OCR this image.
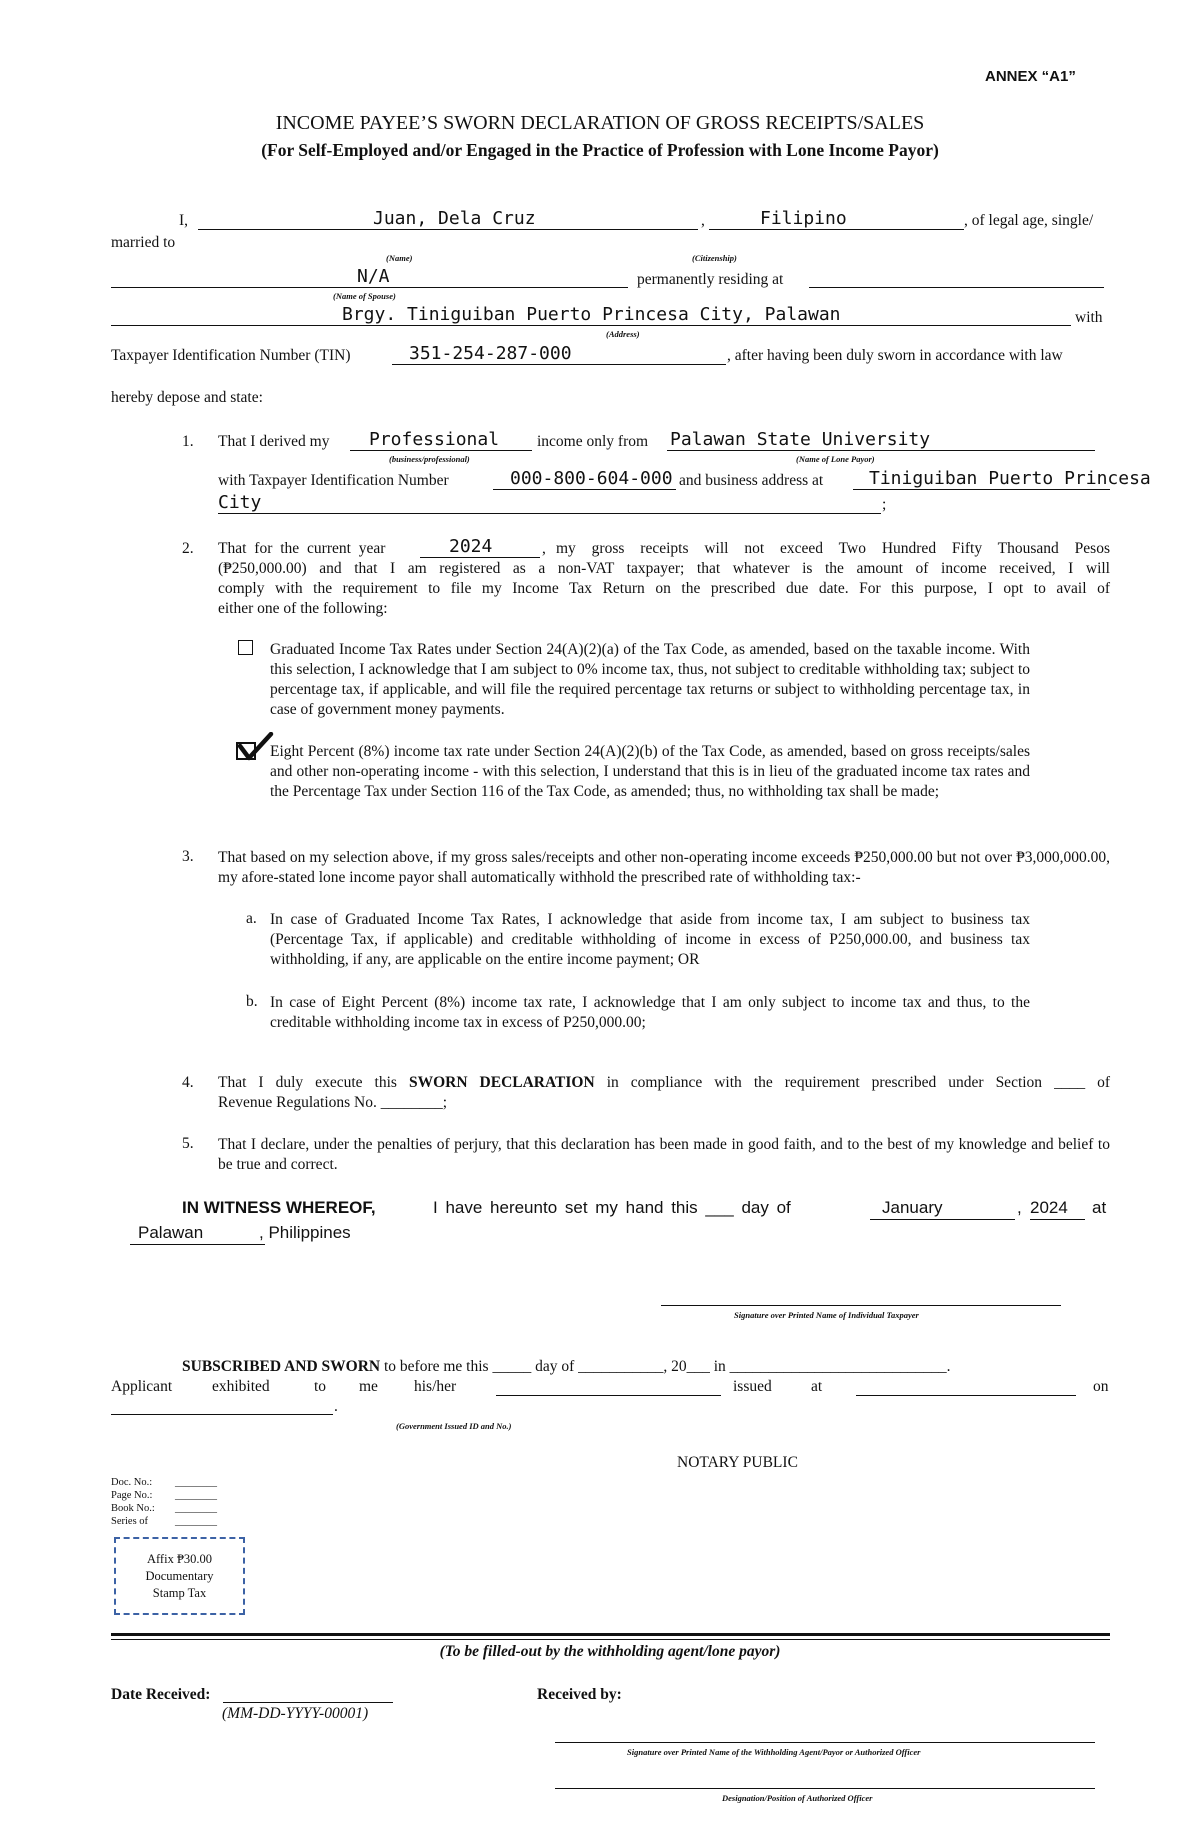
ANNEX “A1”
INCOME PAYEE’S SWORN DECLARATION OF GROSS RECEIPTS/SALES
(For Self-Employed and/or Engaged in the Practice of Profession with Lone Income Payor)
I,	Juan, Dela Cruz	,	Filipino	, of legal age, single/
married to
(Name)	(Citizenship)
N/A	permanently residing at
(Name of Spouse)
Brgy. Tiniguiban Puerto Princesa City, Palawan	with
(Address)
Taxpayer Identification Number (TIN)	351-254-287-000	, after having been duly sworn in accordance with law
hereby depose and state:
1. That I derived my Professional income only from Palawan State University
(business/professional)	(Name of Lone Payor)
with Taxpayer Identification Number	000-800-604-000 and business address at	Tiniguiban Puerto Princesa
City	;
2. That for the current year	2024	, my gross receipts will not exceed Two Hundred Fifty Thousand Pesos
(₱250,000.00) and that I am registered as a non-VAT taxpayer; that whatever is the amount of income received, I will
comply with the requirement to file my Income Tax Return on the prescribed due date. For this purpose, I opt to avail of
either one of the following:
Graduated Income Tax Rates under Section 24(A)(2)(a) of the Tax Code, as amended, based on the taxable income. With this selection, I acknowledge that I am subject to 0% income tax, thus, not subject to creditable withholding tax; subject to percentage tax, if applicable, and will file the required percentage tax returns or subject to withholding percentage tax, in case of government money payments.
Eight Percent (8%) income tax rate under Section 24(A)(2)(b) of the Tax Code, as amended, based on gross receipts/sales and other non-operating income - with this selection, I understand that this is in lieu of the graduated income tax rates and the Percentage Tax under Section 116 of the Tax Code, as amended; thus, no withholding tax shall be made;
3. That based on my selection above, if my gross sales/receipts and other non-operating income exceeds ₱250,000.00 but not over ₱3,000,000.00, my afore-stated lone income payor shall automatically withhold the prescribed rate of withholding tax:-
a. In case of Graduated Income Tax Rates, I acknowledge that aside from income tax, I am subject to business tax (Percentage Tax, if applicable) and creditable withholding of income in excess of P250,000.00, and business tax withholding, if any, are applicable on the entire income payment; OR
b. In case of Eight Percent (8%) income tax rate, I acknowledge that I am only subject to income tax and thus, to the creditable withholding income tax in excess of P250,000.00;
4. That I duly execute this SWORN DECLARATION in compliance with the requirement prescribed under Section ____ of
Revenue Regulations No. ________;
5. That I declare, under the penalties of perjury, that this declaration has been made in good faith, and to the best of my knowledge and belief to be true and correct.
IN WITNESS WHEREOF,	I have hereunto set my hand this ___ day of	January	, 2024 at
Palawan	, Philippines
Signature over Printed Name of Individual Taxpayer
SUBSCRIBED AND SWORN to before me this _____ day of ___________, 20___ in ____________________________.
Applicant	exhibited	to me his/her	issued	at	on
.
(Government Issued ID and No.)
NOTARY PUBLIC
Doc. No.: ________
Page No.: ________
Book No.: ________
Series of	________
Affix ₱30.00
Documentary
Stamp Tax
(To be filled-out by the withholding agent/lone payor)
Date Received:
(MM-DD-YYYY-00001)
Received by:
Signature over Printed Name of the Withholding Agent/Payor or Authorized Officer
Designation/Position of Authorized Officer
